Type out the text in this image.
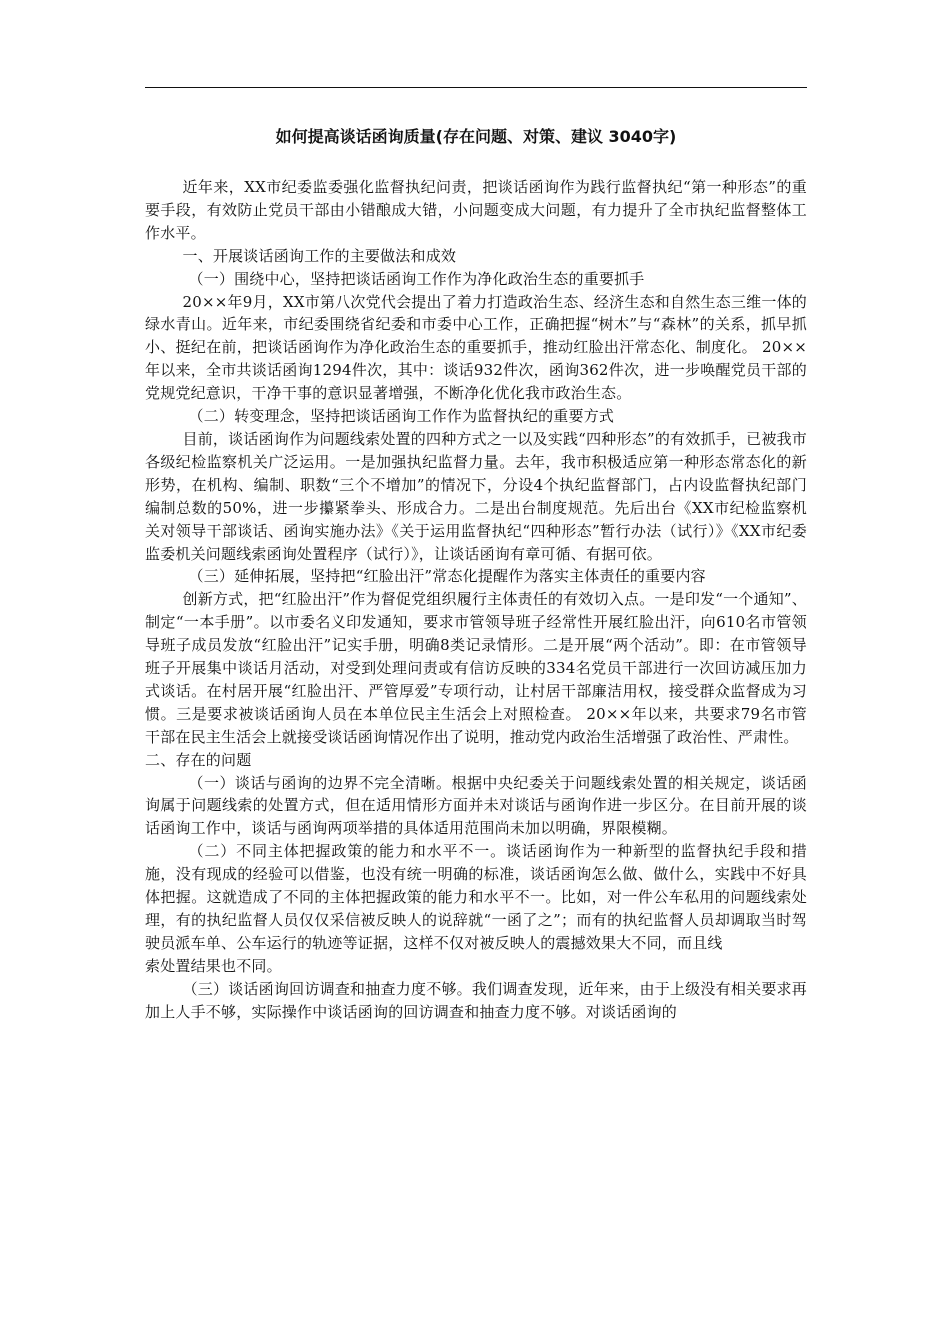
如何提高谈话函询质量(存在问题、对策、建议 3040字)

近年来，XX市纪委监委强化监督执纪问责，把谈话函询作为践行监督执纪“第一种形态”的重要手段，有效防止党员干部由小错酿成大错，小问题变成大问题，有力提升了全市执纪监督整体工作水平。

一、开展谈话函询工作的主要做法和成效

（一）围绕中心，坚持把谈话函询工作作为净化政治生态的重要抓手

20××年9月，XX市第八次党代会提出了着力打造政治生态、经济生态和自然生态三维一体的绿水青山。近年来，市纪委围绕省纪委和市委中心工作，正确把握“树木”与“森林”的关系，抓早抓小、挺纪在前，把谈话函询作为净化政治生态的重要抓手，推动红脸出汗常态化、制度化。 20××年以来，全市共谈话函询1294件次，其中：谈话932件次，函询362件次，进一步唤醒党员干部的党规党纪意识，干净干事的意识显著增强，不断净化优化我市政治生态。

（二）转变理念，坚持把谈话函询工作作为监督执纪的重要方式

目前，谈话函询作为问题线索处置的四种方式之一以及实践“四种形态”的有效抓手，已被我市各级纪检监察机关广泛运用。一是加强执纪监督力量。去年，我市积极适应第一种形态常态化的新形势，在机构、编制、职数“三个不增加”的情况下，分设4个执纪监督部门，占内设监督执纪部门编制总数的50%，进一步攥紧拳头、形成合力。二是出台制度规范。先后出台《XX市纪检监察机关对领导干部谈话、函询实施办法》《关于运用监督执纪“四种形态”暂行办法（试行）》《XX市纪委监委机关问题线索函询处置程序（试行）》，让谈话函询有章可循、有据可依。

（三）延伸拓展，坚持把“红脸出汗”常态化提醒作为落实主体责任的重要内容

创新方式，把“红脸出汗”作为督促党组织履行主体责任的有效切入点。一是印发“一个通知”、制定“一本手册”。以市委名义印发通知，要求市管领导班子经常性开展红脸出汗，向610名市管领导班子成员发放“红脸出汗”记实手册，明确8类记录情形。二是开展“两个活动”。即：在市管领导班子开展集中谈话月活动，对受到处理问责或有信访反映的334名党员干部进行一次回访减压加力式谈话。在村居开展“红脸出汗、严管厚爱”专项行动，让村居干部廉洁用权，接受群众监督成为习惯。三是要求被谈话函询人员在本单位民主生活会上对照检查。 20××年以来，共要求79名市管干部在民主生活会上就接受谈话函询情况作出了说明，推动党内政治生活增强了政治性、严肃性。

二、存在的问题

（一）谈话与函询的边界不完全清晰。根据中央纪委关于问题线索处置的相关规定，谈话函询属于问题线索的处置方式，但在适用情形方面并未对谈话与函询作进一步区分。在目前开展的谈话函询工作中，谈话与函询两项举措的具体适用范围尚未加以明确，界限模糊。

（二）不同主体把握政策的能力和水平不一。谈话函询作为一种新型的监督执纪手段和措施，没有现成的经验可以借鉴，也没有统一明确的标准，谈话函询怎么做、做什么，实践中不好具体把握。这就造成了不同的主体把握政策的能力和水平不一。比如，对一件公车私用的问题线索处理，有的执纪监督人员仅仅采信被反映人的说辞就“一函了之”；而有的执纪监督人员却调取当时驾驶员派车单、公车运行的轨迹等证据，这样不仅对被反映人的震撼效果大不同，而且线

索处置结果也不同。

（三）谈话函询回访调查和抽查力度不够。我们调查发现，近年来，由于上级没有相关要求再加上人手不够，实际操作中谈话函询的回访调查和抽查力度不够。对谈话函询的
